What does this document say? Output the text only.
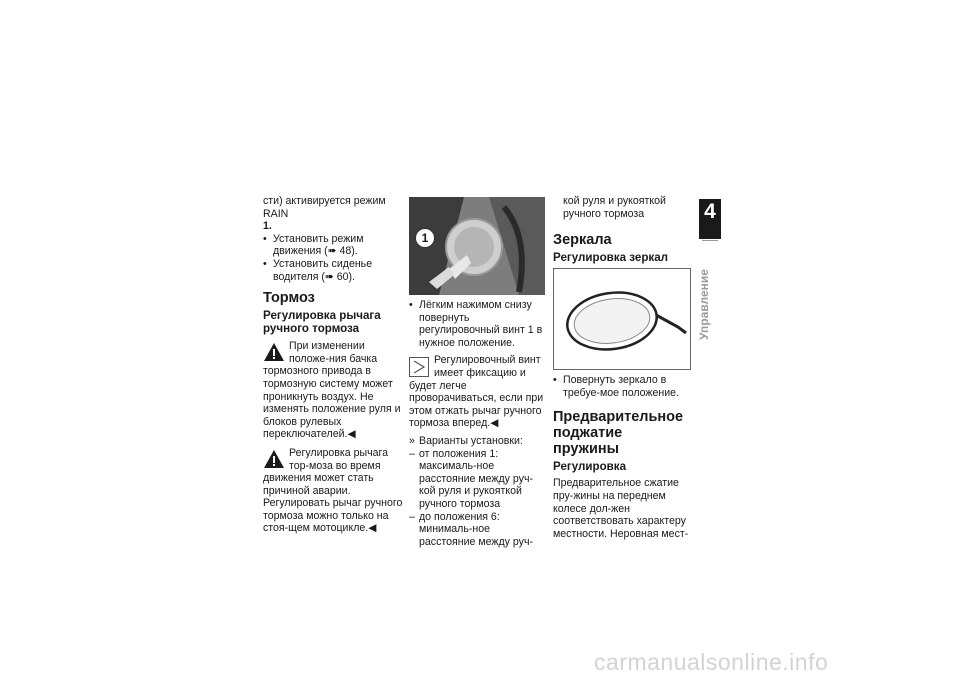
сти) активируется режим RAIN

1.

• Установить режим движения (➠ 48).

• Установить сиденье водителя (➠ 60).

Тормоз
Регулировка рычага ручного тормоза

При изменении положе-ния бачка тормозного привода в тормозную систему может проникнуть воздух. Не изменять положение руля и блоков рулевых переключателей.◀

Регулировка рычага тор-моза во время движения может стать причиной аварии. Регулировать рычаг ручного тормоза можно только на стоя-щем мотоцикле.◀

1

• Лёгким нажимом снизу повернуть регулировочный винт 1 в нужное положение.

Регулировочный винт имеет фиксацию и будет легче проворачиваться, если при этом отжать рычаг ручного тормоза вперед.◀

» Варианты установки:

– от положения 1: максималь-ное расстояние между руч-кой руля и рукояткой ручного тормоза

– до положения 6: минималь-ное расстояние между руч-

кой руля и рукояткой ручного тормоза

Зеркала
Регулировка зеркал

• Повернуть зеркало в требуе-мое положение.

Предварительное поджатие пружины
Регулировка

Предварительное сжатие пру-жины на переднем колесе дол-жен соответствовать характеру местности. Неровная мест-

4
51
Управление
carmanualsonline.info
